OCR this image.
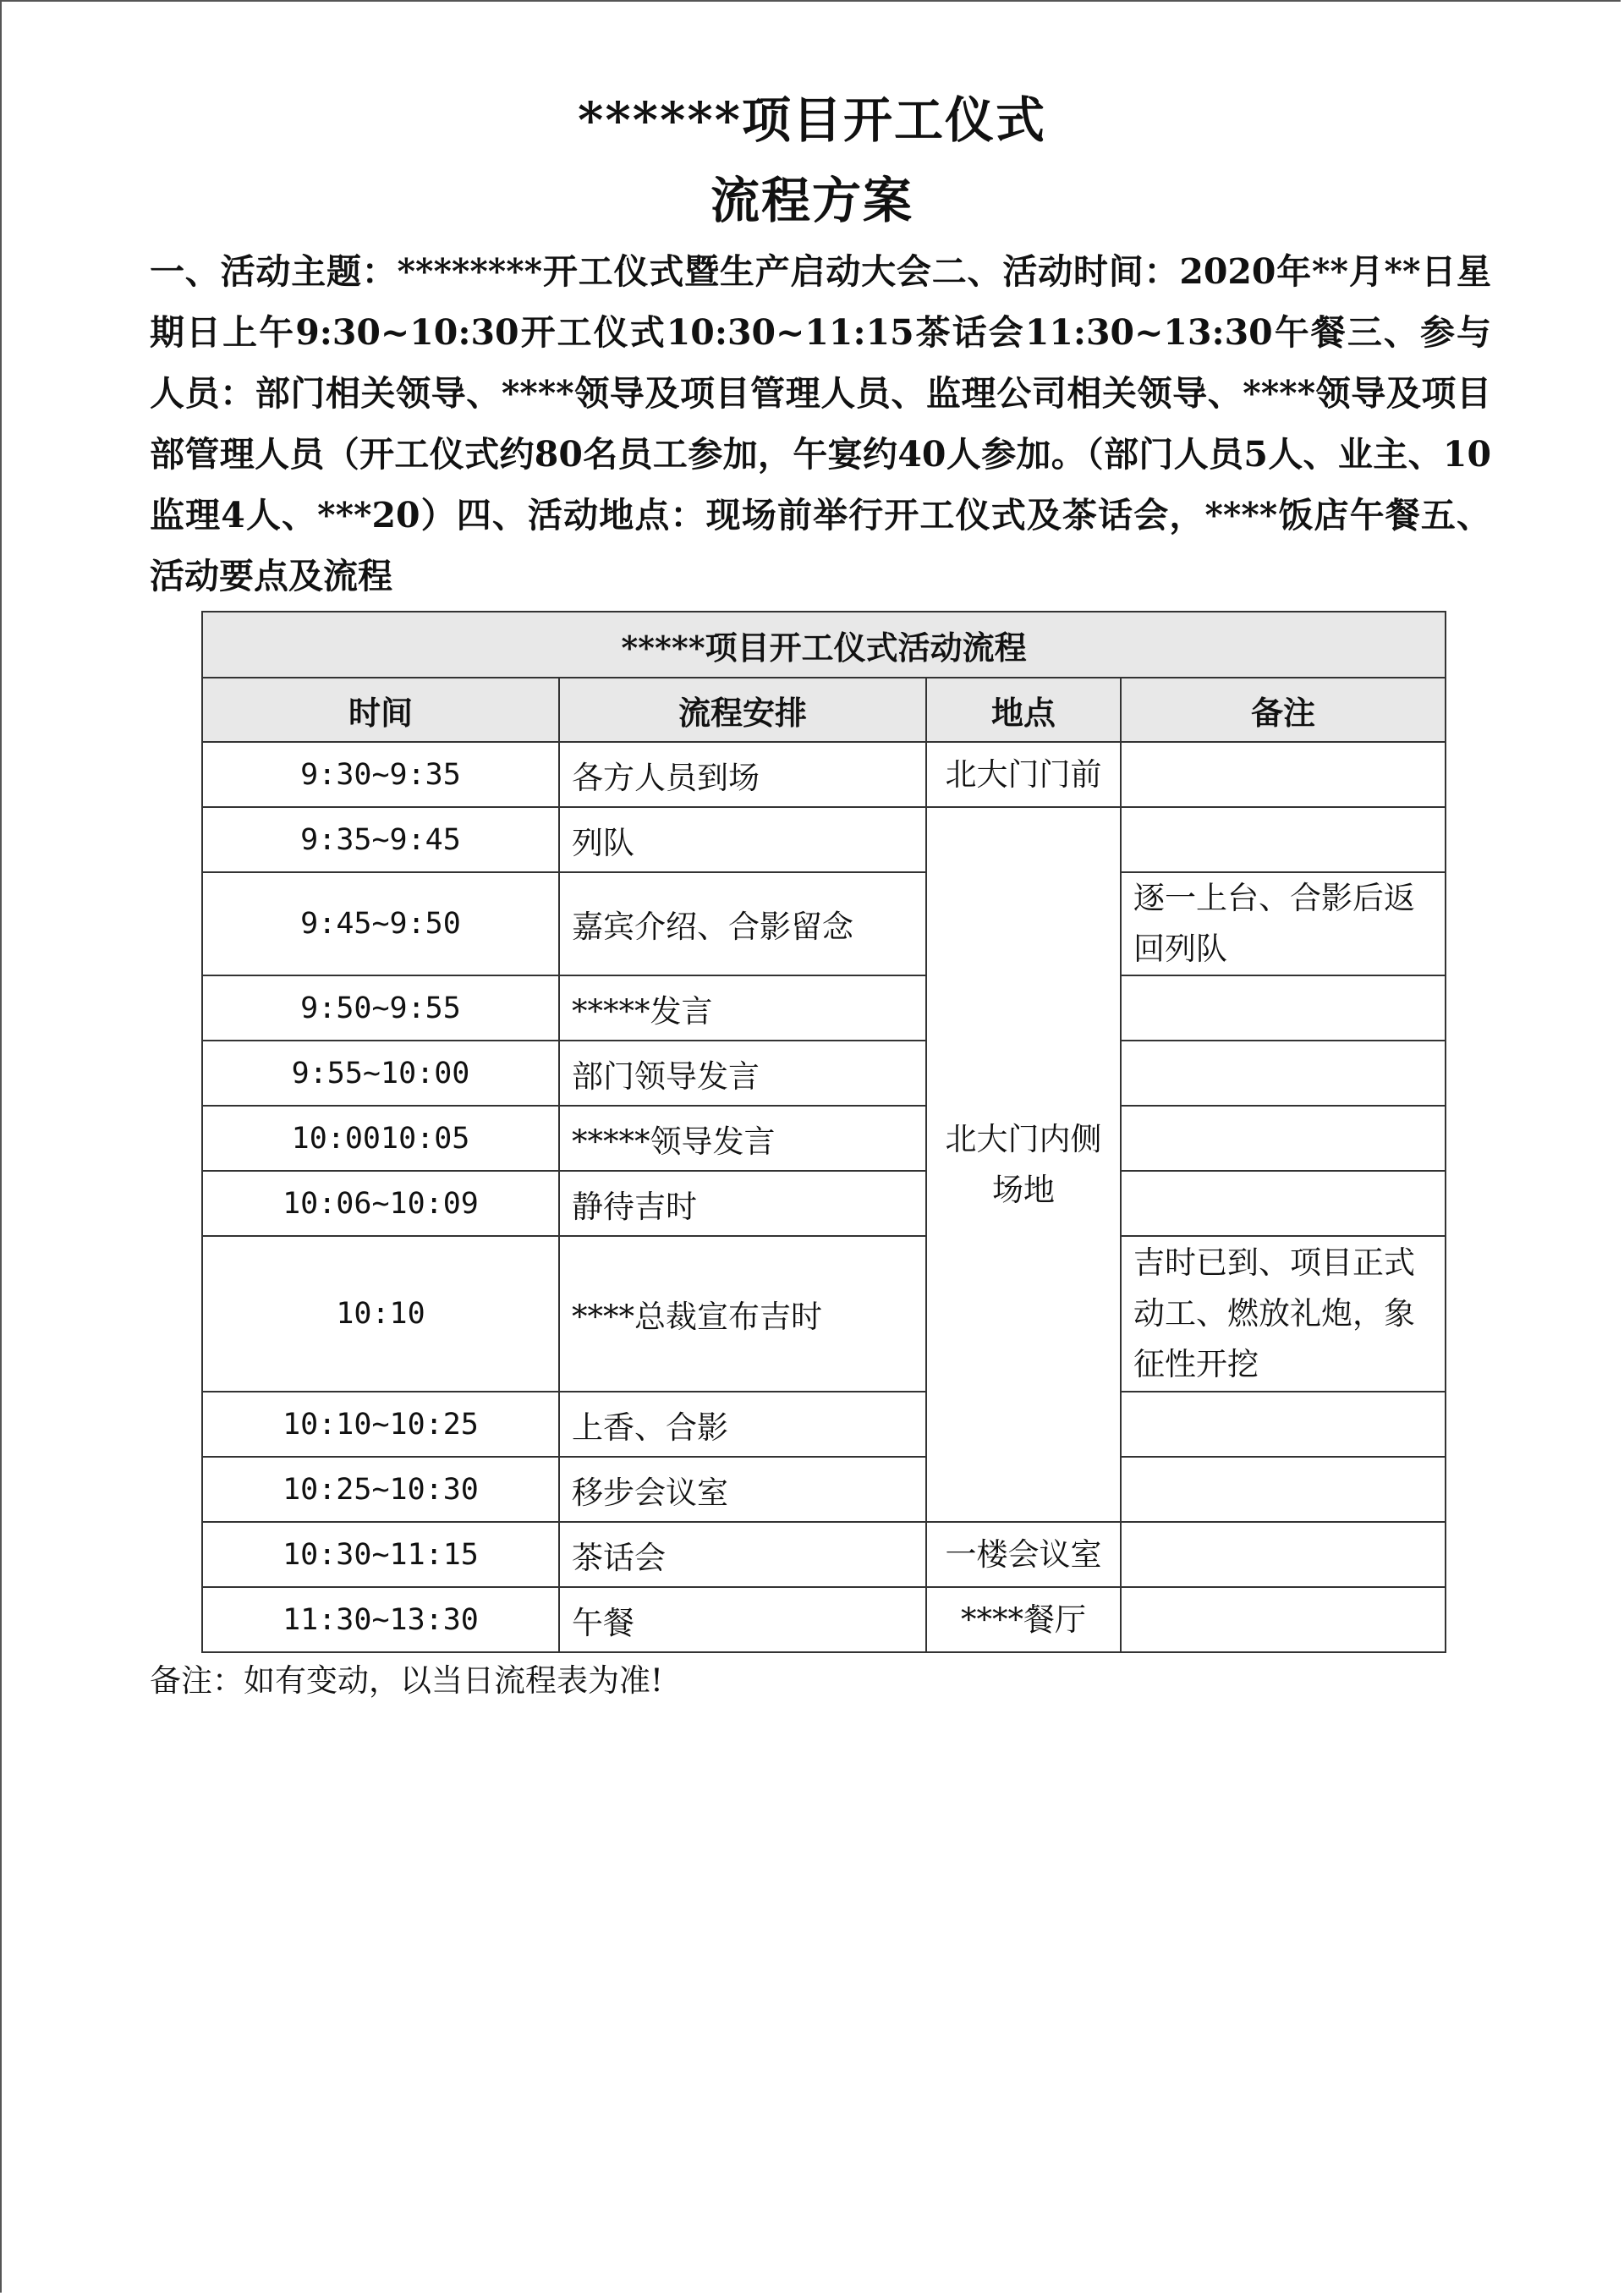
******项目开工仪式
流程方案
一、活动主题：********开工仪式暨生产启动大会二、活动时间：2020年**月**日星期日上午9:30~10:30开工仪式10:30~11:15茶话会11:30~13:30午餐三、参与人员：部门相关领导、****领导及项目管理人员、监理公司相关领导、****领导及项目部管理人员（开工仪式约80名员工参加，午宴约40人参加。（部门人员5人、业主、10监理4人、***20）四、活动地点：现场前举行开工仪式及茶话会，****饭店午餐五、活动要点及流程
*****项目开工仪式活动流程			
时间	流程安排	地点	备注
9:30~9:35	各方人员到场	北大门门前	
9:35~9:45	列队	北大门内侧场地	
9:45~9:50	嘉宾介绍、合影留念		逐一上台、合影后返回列队
9:50~9:55	*****发言		
9:55~10:00	部门领导发言		
10:0010:05	*****领导发言		
10:06~10:09	静待吉时		
10:10	****总裁宣布吉时		吉时已到、项目正式动工、燃放礼炮，象征性开挖
10:10~10:25	上香、合影		
10:25~10:30	移步会议室		
10:30~11:15	茶话会	一楼会议室	
11:30~13:30	午餐	****餐厅	
备注：如有变动，以当日流程表为准!
